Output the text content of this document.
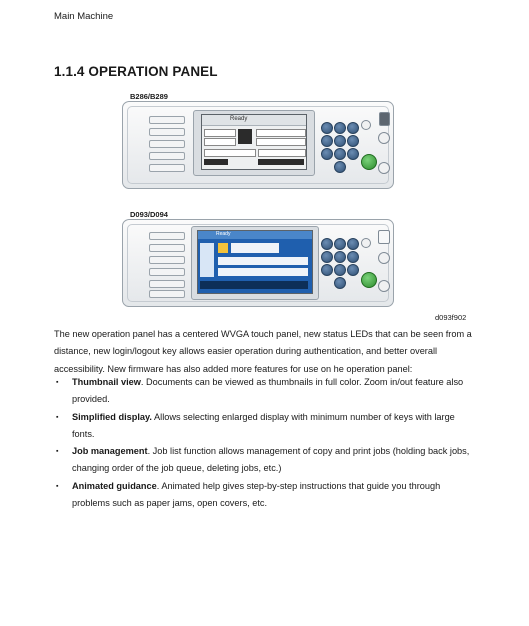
Main Machine
1.1.4 OPERATION PANEL
B286/B289
Ready
D093/D094
Ready
d093f902
The new operation panel has a centered WVGA touch panel, new status LEDs that can be seen from a distance, new login/logout key allows easier operation during authentication, and better overall accessibility. New firmware has also added more features for use on he operation panel:
▪ Thumbnail view. Documents can be viewed as thumbnails in full color. Zoom in/out feature also provided.
▪ Simplified display. Allows selecting enlarged display with minimum number of keys with large fonts.
▪ Job management. Job list function allows management of copy and print jobs (holding back jobs, changing order of the job queue, deleting jobs, etc.)
▪ Animated guidance. Animated help gives step-by-step instructions that guide you through problems such as paper jams, open covers, etc.
